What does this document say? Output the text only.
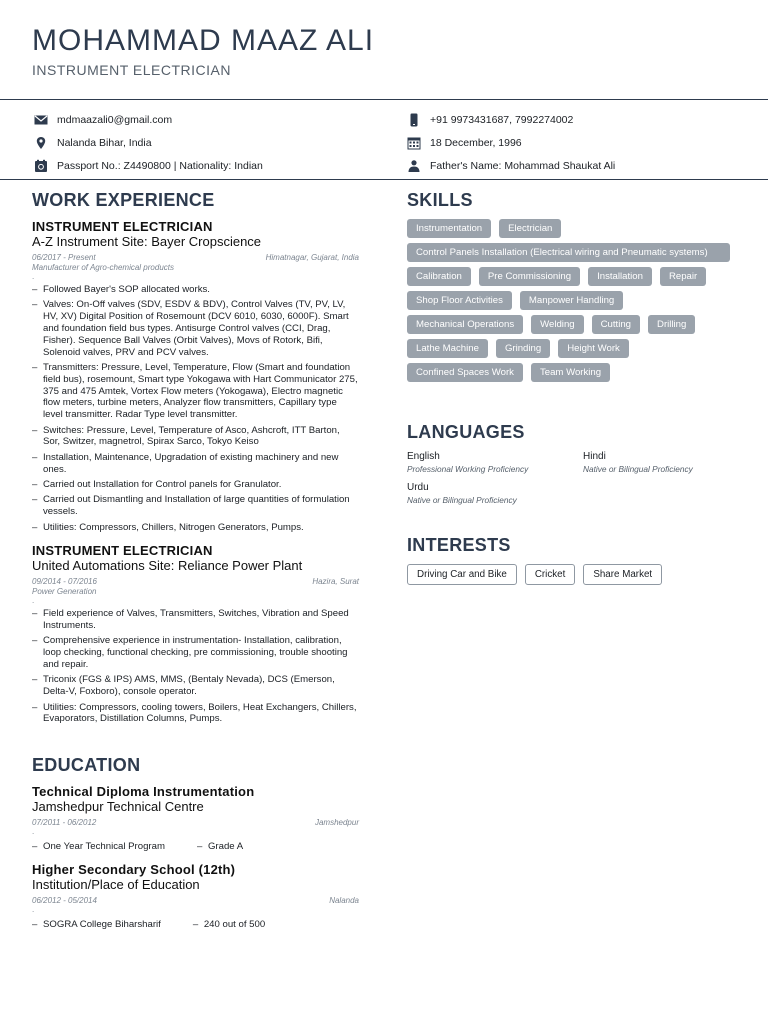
MOHAMMAD MAAZ ALI
INSTRUMENT ELECTRICIAN
mdmaazali0@gmail.com
Nalanda Bihar, India
Passport No.: Z4490800 | Nationality: Indian
+91 9973431687, 7992274002
18 December, 1996
Father's Name: Mohammad Shaukat Ali
WORK EXPERIENCE
INSTRUMENT ELECTRICIAN
A-Z Instrument Site: Bayer Cropscience
06/2017 - Present	Himatnagar, Gujarat, India
Manufacturer of Agro-chemical products
.
– Followed Bayer's SOP allocated works.
– Valves: On-Off valves (SDV, ESDV & BDV), Control Valves (TV, PV, LV, HV, XV) Digital Position of Rosemount (DCV 6010, 6030, 6000F). Smart and foundation field bus types. Antisurge Control valves (CCI, Drag, Fisher). Sequence Ball Valves (Orbit Valves), Movs of Rotork, Bifi, Solenoid valves, PRV and PCV valves.
– Transmitters: Pressure, Level, Temperature, Flow (Smart and foundation field bus), rosemount, Smart type Yokogawa with Hart Communicator 275, 375 and 475 Amtek, Vortex Flow meters (Yokogawa), Electro magnetic flow meters, turbine meters, Analyzer flow transmitters, Capillary type level transmitter. Radar Type level transmitter.
– Switches: Pressure, Level, Temperature of Asco, Ashcroft, ITT Barton, Sor, Switzer, magnetrol, Spirax Sarco, Tokyo Keiso
– Installation, Maintenance, Upgradation of existing machinery and new ones.
– Carried out Installation for Control panels for Granulator.
– Carried out Dismantling and Installation of large quantities of formulation vessels.
– Utilities: Compressors, Chillers, Nitrogen Generators, Pumps.
INSTRUMENT ELECTRICIAN
United Automations Site: Reliance Power Plant
09/2014 - 07/2016	Hazira, Surat
Power Generation
.
– Field experience of Valves, Transmitters, Switches, Vibration and Speed Instruments.
– Comprehensive experience in instrumentation- Installation, calibration, loop checking, functional checking, pre commissioning, trouble shooting and repair.
– Triconix (FGS & IPS) AMS, MMS, (Bentaly Nevada), DCS (Emerson, Delta-V, Foxboro), console operator.
– Utilities: Compressors, cooling towers, Boilers, Heat Exchangers, Chillers, Evaporators, Distillation Columns, Pumps.
EDUCATION
Technical Diploma Instrumentation
Jamshedpur Technical Centre
07/2011 - 06/2012	Jamshedpur
.
– One Year Technical Program	– Grade A
Higher Secondary School (12th)
Institution/Place of Education
06/2012 - 05/2014	Nalanda
.
– SOGRA College Biharsharif	– 240 out of 500
SKILLS
Instrumentation	Electrician
Control Panels Installation (Electrical wiring and Pneumatic systems)
Calibration	Pre Commissioning	Installation	Repair
Shop Floor Activities	Manpower Handling
Mechanical Operations	Welding	Cutting	Drilling
Lathe Machine	Grinding	Height Work
Confined Spaces Work	Team Working
LANGUAGES
English
Professional Working Proficiency
Hindi
Native or Bilingual Proficiency
Urdu
Native or Bilingual Proficiency
INTERESTS
Driving Car and Bike	Cricket	Share Market
